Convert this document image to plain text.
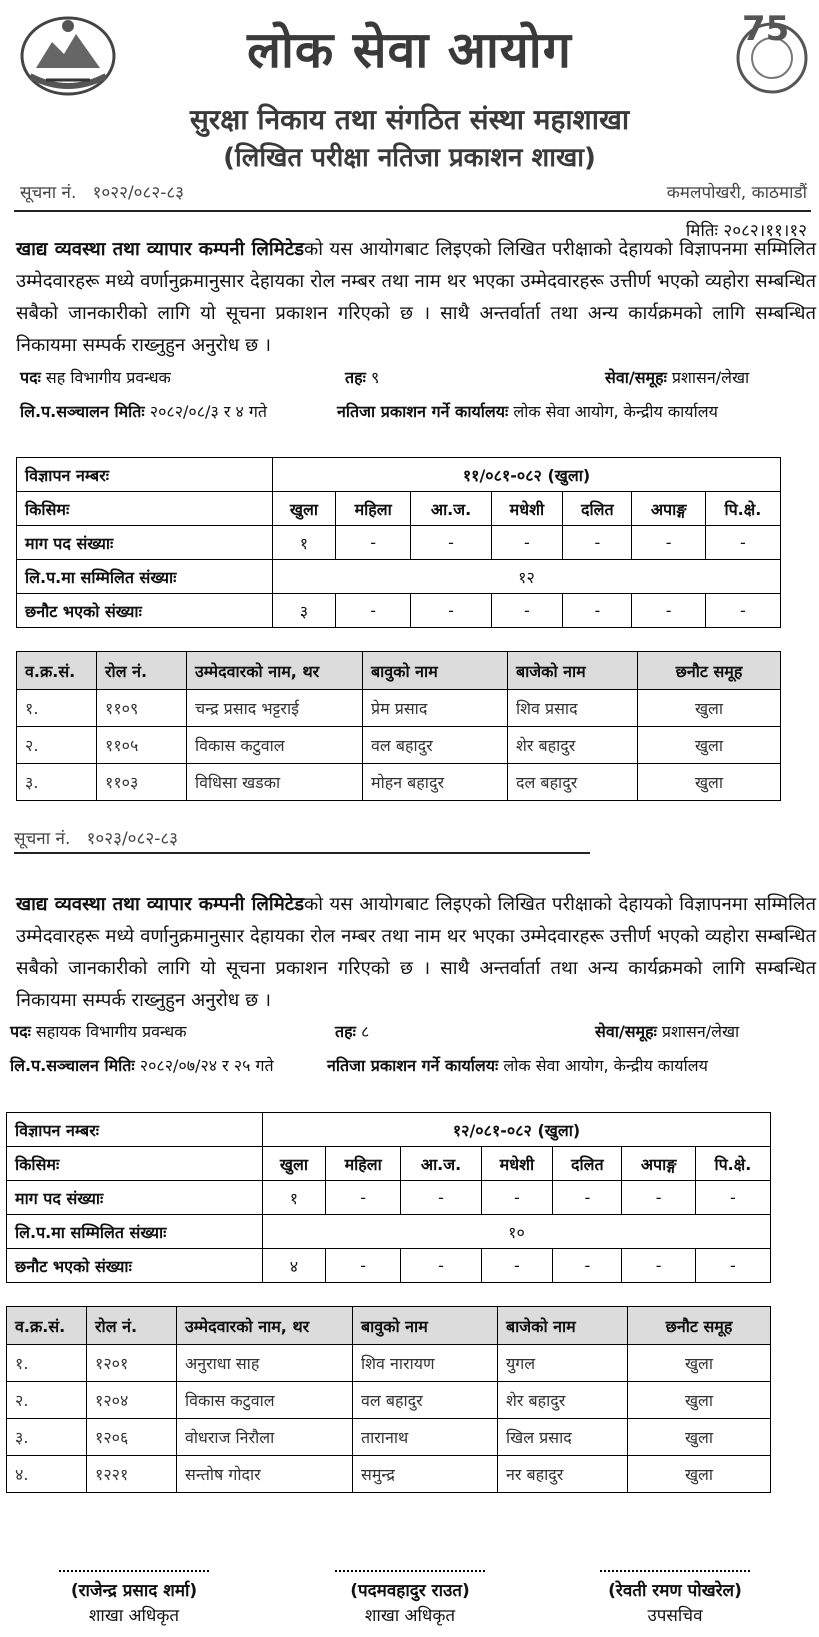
लोक सेवा आयोग	75
सुरक्षा निकाय तथा संगठित संस्था महाशाखा
(लिखित परीक्षा नतिजा प्रकाशन शाखा)
सूचना नं. १०२२/०८२-८३	कमलपोखरी, काठमाडौं
मितिः २०८२।११।१२
खाद्य व्यवस्था तथा व्यापार कम्पनी लिमिटेडको यस आयोगबाट लिइएको लिखित परीक्षाको देहायको विज्ञापनमा सम्मिलित उम्मेदवारहरू मध्ये वर्णानुक्रमानुसार देहायका रोल नम्बर तथा नाम थर भएका उम्मेदवारहरू उत्तीर्ण भएको व्यहोरा सम्बन्धित सबैको जानकारीको लागि यो सूचना प्रकाशन गरिएको छ । साथै अन्तर्वार्ता तथा अन्य कार्यक्रमको लागि सम्बन्धित निकायमा सम्पर्क राख्नुहुन अनुरोध छ ।
पदः सह विभागीय प्रवन्धक	तहः ९	सेवा/समूहः प्रशासन/लेखा
लि.प.सञ्चालन मितिः २०८२/०८/३ र ४ गते	नतिजा प्रकाशन गर्ने कार्यालयः लोक सेवा आयोग, केन्द्रीय कार्यालय
विज्ञापन नम्बरः	११/०८१-०८२ (खुला)						
किसिमः	खुला	महिला	आ.ज.	मधेशी	दलित	अपाङ्ग	पि.क्षे.
माग पद संख्याः	१	-	-	-	-	-	-
लि.प.मा सम्मिलित संख्याः	१२						
छनौट भएको संख्याः	३	-	-	-	-	-	-
व.क्र.सं.	रोल नं.	उम्मेदवारको नाम, थर	बावुको नाम	बाजेको नाम	छनौट समूह
१.	११०९	चन्द्र प्रसाद भट्टराई	प्रेम प्रसाद	शिव प्रसाद	खुला
२.	११०५	विकास कटुवाल	वल बहादुर	शेर बहादुर	खुला
३.	११०३	विधिसा खडका	मोहन बहादुर	दल बहादुर	खुला
सूचना नं. १०२३/०८२-८३
खाद्य व्यवस्था तथा व्यापार कम्पनी लिमिटेडको यस आयोगबाट लिइएको लिखित परीक्षाको देहायको विज्ञापनमा सम्मिलित उम्मेदवारहरू मध्ये वर्णानुक्रमानुसार देहायका रोल नम्बर तथा नाम थर भएका उम्मेदवारहरू उत्तीर्ण भएको व्यहोरा सम्बन्धित सबैको जानकारीको लागि यो सूचना प्रकाशन गरिएको छ । साथै अन्तर्वार्ता तथा अन्य कार्यक्रमको लागि सम्बन्धित निकायमा सम्पर्क राख्नुहुन अनुरोध छ ।
पदः सहायक विभागीय प्रवन्धक	तहः ८	सेवा/समूहः प्रशासन/लेखा
लि.प.सञ्चालन मितिः २०८२/०७/२४ र २५ गते	नतिजा प्रकाशन गर्ने कार्यालयः लोक सेवा आयोग, केन्द्रीय कार्यालय
विज्ञापन नम्बरः	१२/०८१-०८२ (खुला)						
किसिमः	खुला	महिला	आ.ज.	मधेशी	दलित	अपाङ्ग	पि.क्षे.
माग पद संख्याः	१	-	-	-	-	-	-
लि.प.मा सम्मिलित संख्याः	१०						
छनौट भएको संख्याः	४	-	-	-	-	-	-
व.क्र.सं.	रोल नं.	उम्मेदवारको नाम, थर	बावुको नाम	बाजेको नाम	छनौट समूह
१.	१२०१	अनुराधा साह	शिव नारायण	युगल	खुला
२.	१२०४	विकास कटुवाल	वल बहादुर	शेर बहादुर	खुला
३.	१२०६	वोधराज निरौला	तारानाथ	खिल प्रसाद	खुला
४.	१२२१	सन्तोष गोदार	समुन्द्र	नर बहादुर	खुला
(राजेन्द्र प्रसाद शर्मा)
शाखा अधिकृत
(पदमवहादुर राउत)
शाखा अधिकृत
(रेवती रमण पोखरेल)
उपसचिव
